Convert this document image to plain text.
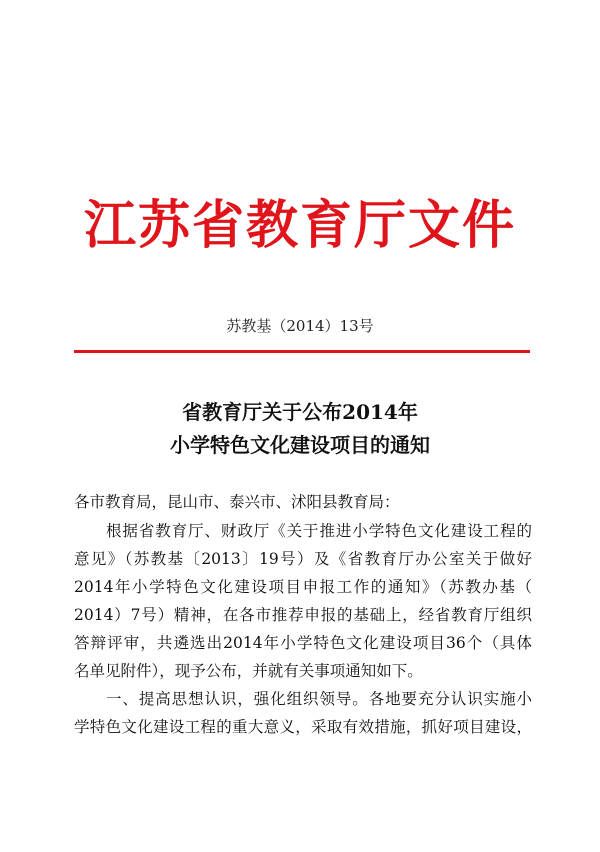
江苏省教育厅文件
苏教基（2014）13号
省教育厅关于公布2014年
小学特色文化建设项目的通知
各市教育局，昆山市、泰兴市、沭阳县教育局：
根据省教育厅、财政厅《关于推进小学特色文化建设工程的
意见》（苏教基〔2013〕19号）及《省教育厅办公室关于做好
2014年小学特色文化建设项目申报工作的通知》（苏教办基（
2014）7号）精神，在各市推荐申报的基础上，经省教育厅组织
答辩评审，共遴选出2014年小学特色文化建设项目36个（具体
名单见附件），现予公布，并就有关事项通知如下。
一、提高思想认识，强化组织领导。各地要充分认识实施小
学特色文化建设工程的重大意义，采取有效措施，抓好项目建设，
